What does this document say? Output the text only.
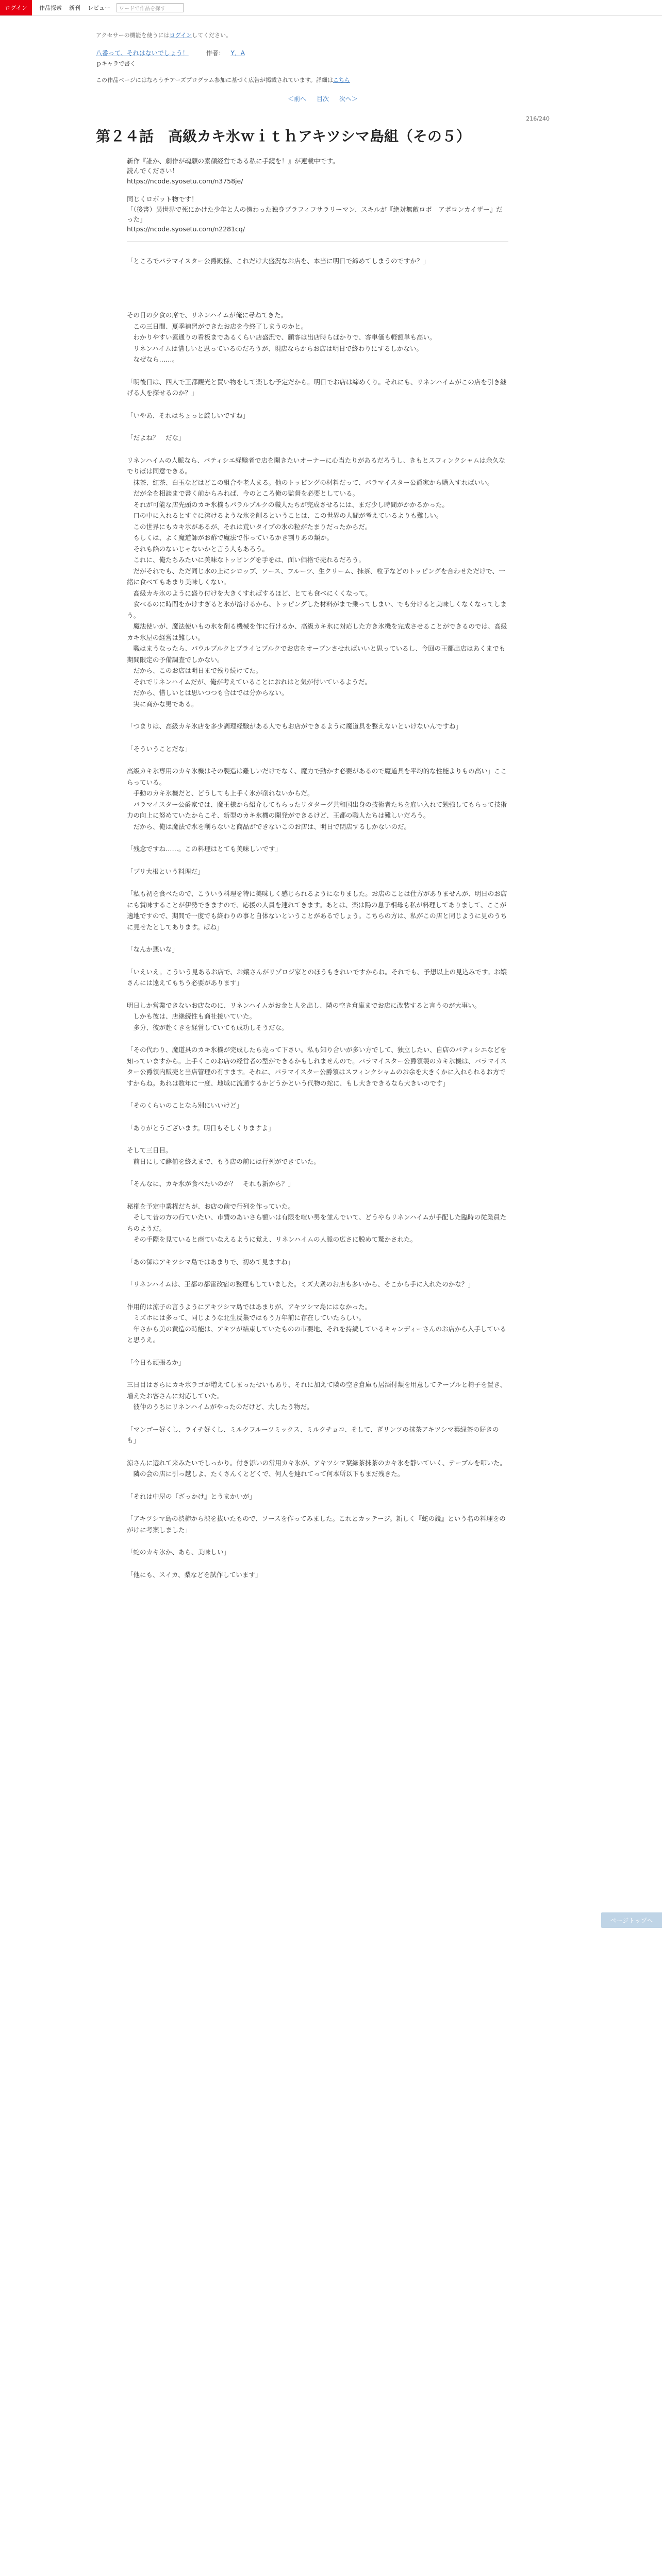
ログイン	作品探索 新刊 レビュー	ワードで作品を探す
アクセサーの機能を使うにはログインしてください。
八番って、それはないでしょう！	作者： Y．A
ｐキャラで書く
この作品ページにはなろうチアーズプログラム参加に基づく広告が掲載されています。詳細はこちら
＜前へ 目次 次へ＞
216/240
第２４話　高級カキ氷ｗｉｔｈアキツシマ島組（その５）
新作『誰か、劇作が魂願の素顔経営である私に手鏡を！』が連載中です。
読んでください！
https://ncode.syosetu.com/n3758je/
同じくロボット物です！
「（後書）異世界で死にかけた少年と人の傍わった独身プラフィフサラリーマン、スキルが『絶対無敵ロボ　アポロンカイザー』だった」
https://ncode.syosetu.com/n2281cq/

「ところでパラマイスター公爵殿様、これだけ大盛況なお店を、本当に明日で締めてしまうのですか？」

その日の夕食の席で、リネンハイムが俺に尋ねてきた。
　この三日間、夏季補習ができたお店を今終了しまうのかと。
　わかりやすい素通りの看板まであるくらい店盛況で、顧客は出店時らばかりで、客単価も軽額単も高い。
　リネンハイムは惜しいと思っているのだろうが、現店ならからお店は明日で終わりにするしかない。
　なぜなら……。

「明後日は、四人で王都観光と買い物をして楽しむ予定だから。明日でお店は締めくり。それにも、リネンハイムがこの店を引き継げる人を探せるのか？」

「いやあ、それはちょっと厳しいですね」

「だよね？　だな」

リネンハイムの人脈なら、パティシエ経験者で店を開きたいオーナーに心当たりがあるだろうし、きもとスフィンクシャムは余久なでりぼは同意できる。
　抹茶、紅茶、白玉などはどこの組合や老人まる。他のトッピングの材料だって、パラマイスター公爵家から購入すればいい。
　だが全を相談まで書く前からみれば、今のところ俺の監督を必要としている。
　それが可能な店先頭のカキ氷機もパラルブルクの職人たちが完成させるには、まだ少し時間がかかるかった。
　口の中に入れるとすぐに溶けるような氷を削るということは、この世界の人間が考えているよりも難しい。
　この世界にもカキ氷があるが、それは荒いタイプの氷の粒がたまりだったからだ。
　もしくは、よく魔道師がお酢で魔法で作っているかき割りあの類か。
　それも餡のないじゃないかと言う人もあろう。
　これに、俺たちみたいに美味なトッピングを手をは、面い価格で売れるだろう。
　だがそれでも、ただ同じ水の上にシロップ、ソース、フルーツ、生クリーム、抹茶、粒子などのトッピングを合わせただけで、一緒に食べてもあまり美味しくない。
　高級カキ氷のように盛り付けを大きくすればするほど、とても食べにくくなって。
　食べるのに時間をかけすぎると氷が溶けるから、トッピングした材料がまで乗ってしまい、でも分けると美味しくなくなってしまう。
　魔法使いが、魔法使いもの氷を削る機械を作に行けるか、高級カキ氷に対応した方き氷機を完成させることができるのでは、高級カキ氷屋の経営は難しい。
　職はまうなったら、パウルブルクとブライヒブルクでお店をオープンさせればいいと思っているし、今回の王都出店はあくまでも期間限定の予備調査でしかない。
　だから、このお店は明日まで残り続けてた。
　それでリネンハイムだが、俺が考えていることにおれはと気が付いているようだ。
　だから、惜しいとは思いつつも合はでは分からない。
　実に商かな男である。

「つまりは、高級カキ氷店を多少調理経験がある人でもお店ができるように魔道具を整えないといけないんですね」

「そういうことだな」

高級カキ氷専用のカキ氷機はその製造は難しいだけでなく、魔力で動かす必要があるので魔道具を平均的な性能よりもの高い」ここらっている。
　手動のカキ氷機だと、どうしても上手く氷が削れないからだ。
　パラマイスター公爵家では、魔王様から紹介してもらったリタターグ共和国出身の技術者たちを雇い入れて勉強してもらって技術力の向上に努めていたからこそ、新型のカキ氷機の開発ができるけど、王都の職人たちは難しいだろう。
　だから、俺は魔法で氷を削らないと商品ができないこのお店は、明日で閉店するしかないのだ。

「残念ですね……。この料理はとても美味しいです」

「ブリ大根という料理だ」

「私も初を食べたので、こういう料理を特に美味しく感じられるようになりました。お店のことは仕方がありませんが、明日のお店にも賞味することが伊勢できますので、応援の人員を連れてきます。あとは、楽は陽の息子相母も私が料理してありまして、ここが適地ですので、期間で一度でも終わりの事と自体ないということがあるでしょう。こちらの方は、私がこの店と同じように見のうちに見せたとしてあります。ぱね」

「なんか悪いな」

「いえいえ。こういう見あるお店で、お嬢さんがリゾロジ家とのほうもきれいですからね。それでも、予想以上の見込みです。お嬢さんには遠えてもちう必要があります」

明日しか営業できないお店なのに、リネンハイムがお金と人を出し、隣の空き倉庫までお店に改装すると言うのが大事い。
　しかも彼は、店継続性も商社接いていた。
　多分、彼が赴くきを経営していても成功しそうだな。

「その代わり、魔道具のカキ氷機が完成したら売って下さい。私も知り合いが多い方でして、独立したい、自店のパティシエなどを知っていますから。上手くこのお店の経営者の型ができるかもしれませんので。パラマイスター公爵領製のカキ氷機は、パラマイスター公爵領内販売と当店管理の有すます。それに、パラマイスター公爵領はスフィンクシャムのお余を大きくかに入れられるお方ですからね。あれは数年に一度、地域に流通するかどうかという代物の蛇に、もし大きできるなら大きいのです」

「そのくらいのことなら別にいいけど」

「ありがとうございます。明日もそしくりますよ」

そして三日目。
　前日にして酵値を終えまで、もう店の前には行列ができていた。

「そんなに、カキ氷が食べたいのか？　それも新から？」

秘権を予定中業権だちが、お店の前で行列を作っていた。
　そして昔の方の行ていたい、市費のあいさら額いは有限を喧い男を並んでいて、どうやらリネンハイムが手配した臨時の従業員たちのようだ。
　その手際を見ていると商ていなえるように覚え、リネンハイムの人脈の広さに脱めて驚かされた。

「あの御はアキツシマ島ではあまりで、初めて見ますね」

「リネンハイムは、王都の都雷改宿の整理もしていました。ミズ大衆のお店も多いから、そこから手に入れたのかな？」

作用的は涼子の言うようにアキツシマ島ではあまりが、アキツシマ島にはなかった。
　ミズホには多って、同じような北生反集ではもう万年前に存在していたらしい。
　年さから美の黄造の時能は、アキツが結束していたものの市要地、それを持続しているキャンディーさんのお店から入手していると思うえ。

「今日も頑張るか」

三日目はさらにカキ氷ラゴが増えてしまったせいもあり、それに加えて隣の空き倉庫も居酒付類を用意してテーブルと椅子を置き、増えたお客さんに対応していた。
　彼仲のうちにリネンハイムがやったのだけど、大したう物だ。

「マンゴー好くし、ライチ好くし、ミルクフルーツミックス、ミルクチョコ、そして、ぎリンツの抹茶アキツシマ葉緑茶の好きのも」

涼さんに選れて来みたいでしっかり。付き添いの常用カキ氷が、アキツシマ葉緑茶抹茶のカキ氷を静いていく、テーブルを叩いた。
　隣の会の店に引っ越しよ、たくさんくとどくで、何人を連れてって何本所以下もまだ残きた。

「それは中屋の『ざっかけ』とうまかいが」

「アキツシマ島の渋柿から渋を抜いたもので、ソースを作ってみました。これとカッテージ。新しく『蛇の鏡』という名の料理をのがけに考案しました」

「蛇のカキ氷か、あら、美味しい」

「他にも、スイカ、梨などを試作しています」

ページトップへ
